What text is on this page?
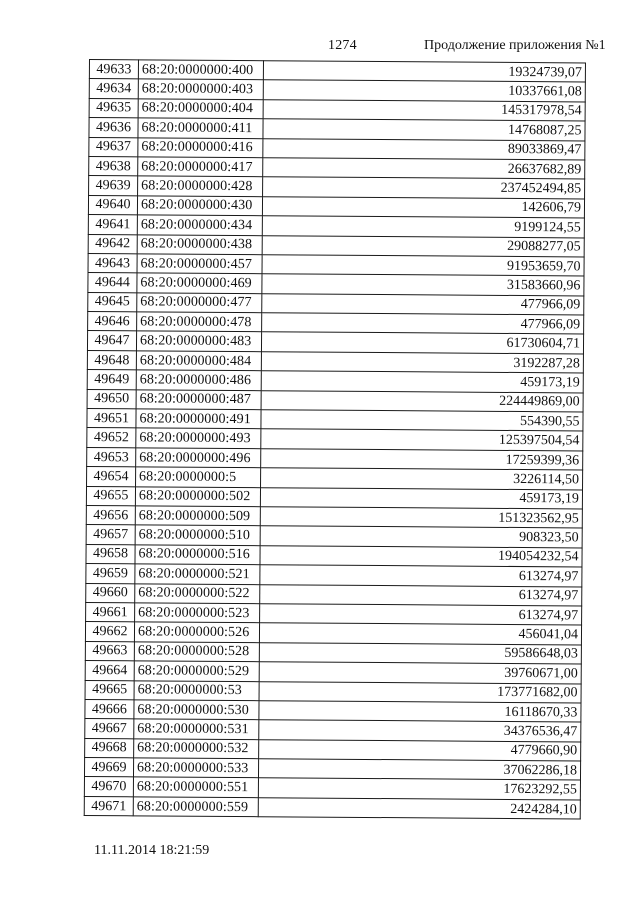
1274	Продолжение приложения №1
49633	68:20:0000000:400	19324739,07
49634	68:20:0000000:403	10337661,08
49635	68:20:0000000:404	145317978,54
49636	68:20:0000000:411	14768087,25
49637	68:20:0000000:416	89033869,47
49638	68:20:0000000:417	26637682,89
49639	68:20:0000000:428	237452494,85
49640	68:20:0000000:430	142606,79
49641	68:20:0000000:434	9199124,55
49642	68:20:0000000:438	29088277,05
49643	68:20:0000000:457	91953659,70
49644	68:20:0000000:469	31583660,96
49645	68:20:0000000:477	477966,09
49646	68:20:0000000:478	477966,09
49647	68:20:0000000:483	61730604,71
49648	68:20:0000000:484	3192287,28
49649	68:20:0000000:486	459173,19
49650	68:20:0000000:487	224449869,00
49651	68:20:0000000:491	554390,55
49652	68:20:0000000:493	125397504,54
49653	68:20:0000000:496	17259399,36
49654	68:20:0000000:5	3226114,50
49655	68:20:0000000:502	459173,19
49656	68:20:0000000:509	151323562,95
49657	68:20:0000000:510	908323,50
49658	68:20:0000000:516	194054232,54
49659	68:20:0000000:521	613274,97
49660	68:20:0000000:522	613274,97
49661	68:20:0000000:523	613274,97
49662	68:20:0000000:526	456041,04
49663	68:20:0000000:528	59586648,03
49664	68:20:0000000:529	39760671,00
49665	68:20:0000000:53	173771682,00
49666	68:20:0000000:530	16118670,33
49667	68:20:0000000:531	34376536,47
49668	68:20:0000000:532	4779660,90
49669	68:20:0000000:533	37062286,18
49670	68:20:0000000:551	17623292,55
49671	68:20:0000000:559	2424284,10
11.11.2014 18:21:59
